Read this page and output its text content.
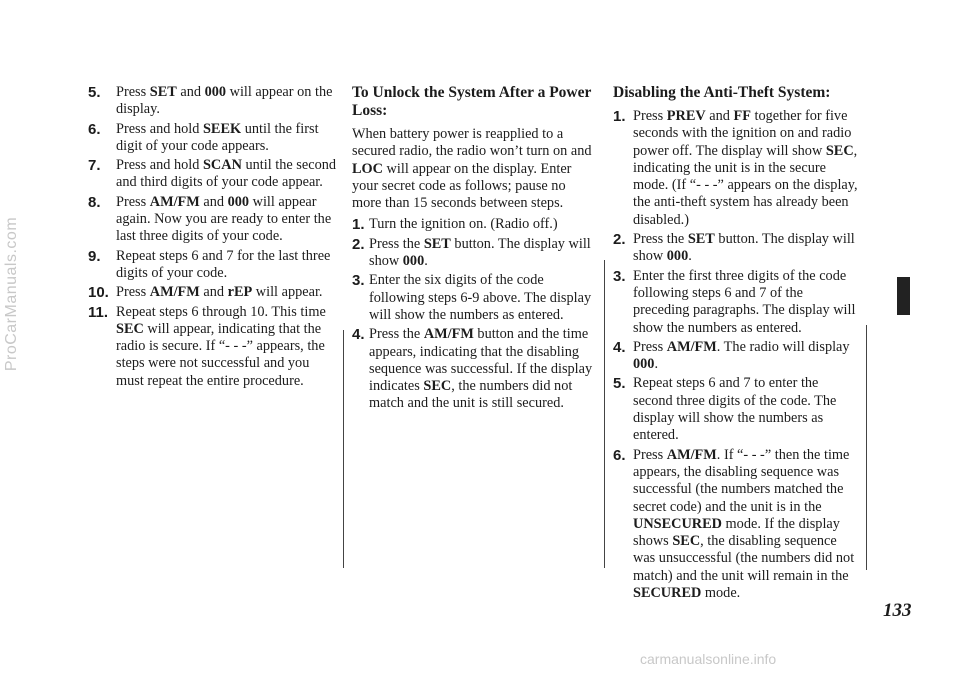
ProCarManuals.com
5. Press SET and 000 will appear on the display.
6. Press and hold SEEK until the first digit of your code appears.
7. Press and hold SCAN until the second and third digits of your code appear.
8. Press AM/FM and 000 will appear again. Now you are ready to enter the last three digits of your code.
9. Repeat steps 6 and 7 for the last three digits of your code.
10. Press AM/FM and rEP will appear.
11. Repeat steps 6 through 10. This time SEC will appear, indicating that the radio is secure. If “- - -” appears, the steps were not successful and you must repeat the entire procedure.
To Unlock the System After a Power Loss:

When battery power is reapplied to a secured radio, the radio won’t turn on and LOC will appear on the display. Enter your secret code as follows; pause no more than 15 seconds between steps.

1. Turn the ignition on. (Radio off.)
2. Press the SET button. The display will show 000.
3. Enter the six digits of the code following steps 6-9 above. The display will show the numbers as entered.
4. Press the AM/FM button and the time appears, indicating that the disabling sequence was successful. If the display indicates SEC, the numbers did not match and the unit is still secured.
Disabling the Anti-Theft System:
1. Press PREV and FF together for five seconds with the ignition on and radio power off. The display will show SEC, indicating the unit is in the secure mode. (If “- - -” appears on the display, the anti-theft system has already been disabled.)
2. Press the SET button. The display will show 000.
3. Enter the first three digits of the code following steps 6 and 7 of the preceding paragraphs. The display will show the numbers as entered.
4. Press AM/FM. The radio will display 000.
5. Repeat steps 6 and 7 to enter the second three digits of the code. The display will show the numbers as entered.
6. Press AM/FM. If “- - -” then the time appears, the disabling sequence was successful (the numbers matched the secret code) and the unit is in the UNSECURED mode. If the display shows SEC, the disabling sequence was unsuccessful (the numbers did not match) and the unit will remain in the SECURED mode.
133
carmanualsonline.info
